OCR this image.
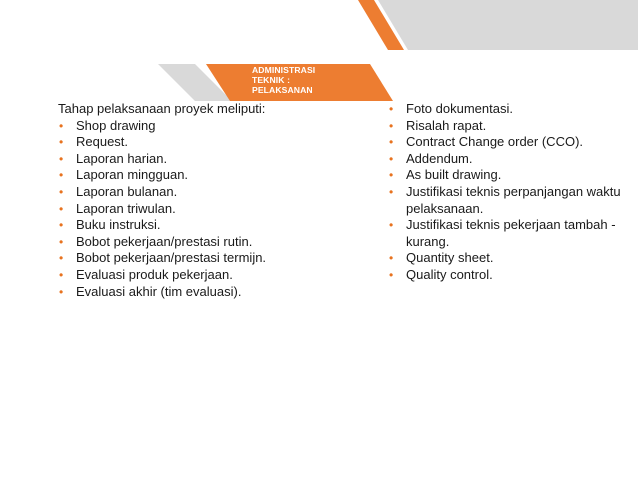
ADMINISTRASI
TEKNIK :
PELAKSANAN
Tahap pelaksanaan proyek meliputi:
• Shop drawing
• Request.
• Laporan harian.
• Laporan mingguan.
• Laporan bulanan.
• Laporan triwulan.
• Buku instruksi.
• Bobot pekerjaan/prestasi rutin.
• Bobot pekerjaan/prestasi termijn.
• Evaluasi produk pekerjaan.
• Evaluasi akhir (tim evaluasi).
• Foto dokumentasi.
• Risalah rapat.
• Contract Change order (CCO).
• Addendum.
• As built drawing.
• Justifikasi teknis perpanjangan waktu pelaksanaan.
• Justifikasi teknis pekerjaan tambah - kurang.
• Quantity sheet.
• Quality control.
